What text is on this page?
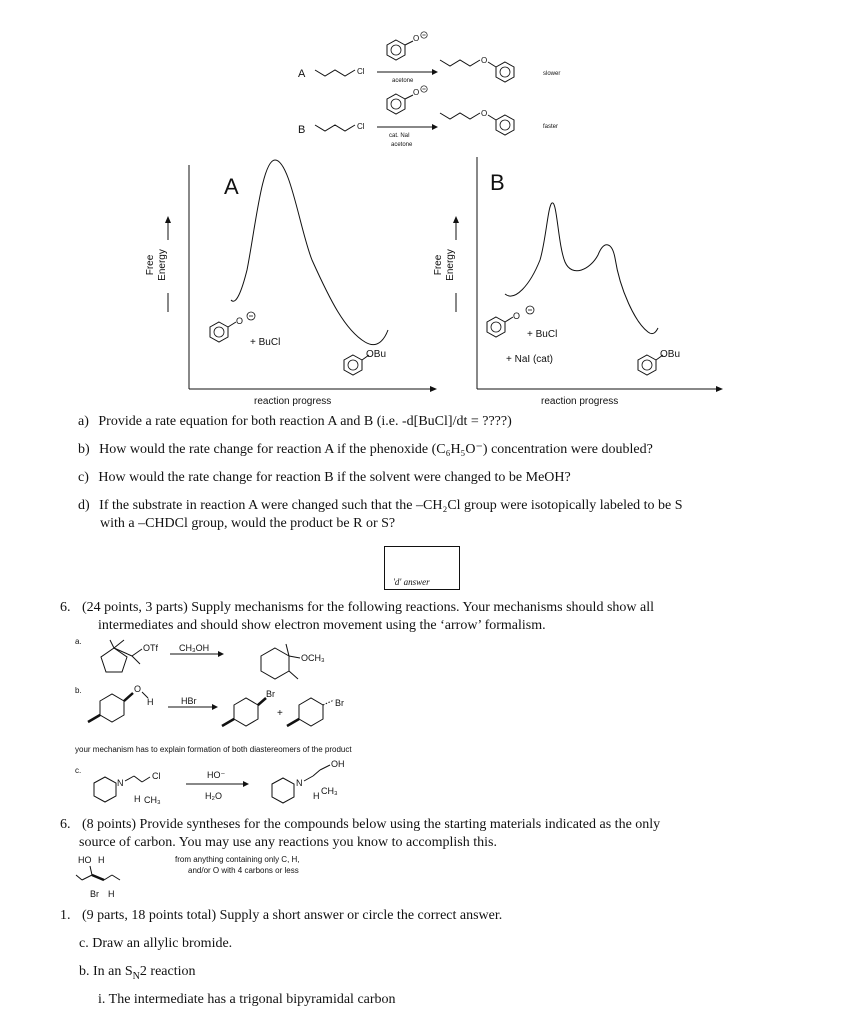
A	Cl
O
acetone
O
slower
B	Cl
O
cat. NaI
acetone
O
faster
A
Free Energy
O
+ BuCl
OBu
reaction progress
B
Free Energy
O
+ BuCl
+ NaI (cat)	OBu
reaction progress
a) Provide a rate equation for both reaction A and B (i.e. -d[BuCl]/dt = ????)
b) How would the rate change for reaction A if the phenoxide (C₆H₅O⁻) concentration were doubled?
c) How would the rate change for reaction B if the solvent were changed to be MeOH?
d) If the substrate in reaction A were changed such that the –CH₂Cl group were isotopically labeled to be S
with a –CHDCl group, would the product be R or S?
'd' answer
6. (24 points, 3 parts) Supply mechanisms for the following reactions. Your mechanisms should show all
intermediates and should show electron movement using the ‘arrow’ formalism.
a.
OTf CH₃OH
OCH₃
b.	O
H	HBr
Br
+
Br
your mechanism has to explain formation of both diastereomers of the product
c.
N
Cl
H CH₃
HO⁻
H₂O
N
OH
H CH₃
6. (8 points) Provide syntheses for the compounds below using the starting materials indicated as the only
source of carbon. You may use any reactions you know to accomplish this.
HO H
Br H
from anything containing only C, H,
and/or O with 4 carbons or less
1. (9 parts, 18 points total) Supply a short answer or circle the correct answer.
c. Draw an allylic bromide.
b. In an $S_N2$ reaction
i. The intermediate has a trigonal bipyramidal carbon
